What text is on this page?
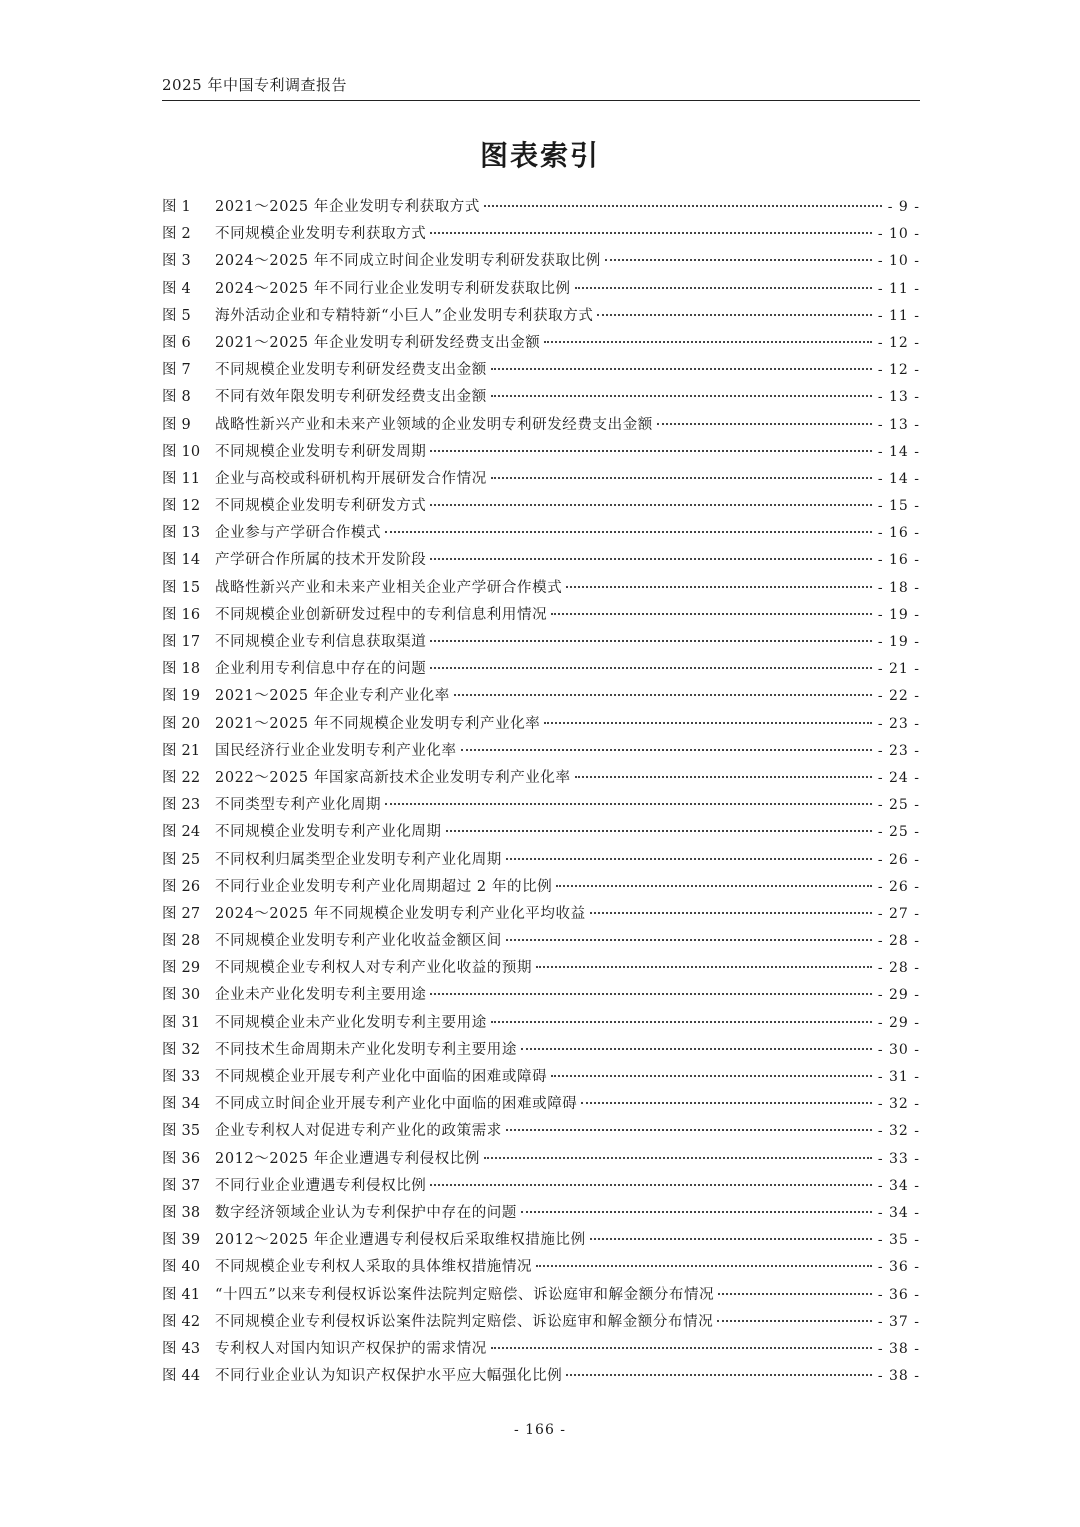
2025 年中国专利调查报告
图表索引
图 1	2021～2025 年企业发明专利获取方式	- 9 -
图 2	不同规模企业发明专利获取方式	- 10 -
图 3	2024～2025 年不同成立时间企业发明专利研发获取比例	- 10 -
图 4	2024～2025 年不同行业企业发明专利研发获取比例	- 11 -
图 5	海外活动企业和专精特新“小巨人”企业发明专利获取方式	- 11 -
图 6	2021～2025 年企业发明专利研发经费支出金额	- 12 -
图 7	不同规模企业发明专利研发经费支出金额	- 12 -
图 8	不同有效年限发明专利研发经费支出金额	- 13 -
图 9	战略性新兴产业和未来产业领域的企业发明专利研发经费支出金额	- 13 -
图 10	不同规模企业发明专利研发周期	- 14 -
图 11	企业与高校或科研机构开展研发合作情况	- 14 -
图 12	不同规模企业发明专利研发方式	- 15 -
图 13	企业参与产学研合作模式	- 16 -
图 14	产学研合作所属的技术开发阶段	- 16 -
图 15	战略性新兴产业和未来产业相关企业产学研合作模式	- 18 -
图 16	不同规模企业创新研发过程中的专利信息利用情况	- 19 -
图 17	不同规模企业专利信息获取渠道	- 19 -
图 18	企业利用专利信息中存在的问题	- 21 -
图 19	2021～2025 年企业专利产业化率	- 22 -
图 20	2021～2025 年不同规模企业发明专利产业化率	- 23 -
图 21	国民经济行业企业发明专利产业化率	- 23 -
图 22	2022～2025 年国家高新技术企业发明专利产业化率	- 24 -
图 23	不同类型专利产业化周期	- 25 -
图 24	不同规模企业发明专利产业化周期	- 25 -
图 25	不同权利归属类型企业发明专利产业化周期	- 26 -
图 26	不同行业企业发明专利产业化周期超过 2 年的比例	- 26 -
图 27	2024～2025 年不同规模企业发明专利产业化平均收益	- 27 -
图 28	不同规模企业发明专利产业化收益金额区间	- 28 -
图 29	不同规模企业专利权人对专利产业化收益的预期	- 28 -
图 30	企业未产业化发明专利主要用途	- 29 -
图 31	不同规模企业未产业化发明专利主要用途	- 29 -
图 32	不同技术生命周期未产业化发明专利主要用途	- 30 -
图 33	不同规模企业开展专利产业化中面临的困难或障碍	- 31 -
图 34	不同成立时间企业开展专利产业化中面临的困难或障碍	- 32 -
图 35	企业专利权人对促进专利产业化的政策需求	- 32 -
图 36	2012～2025 年企业遭遇专利侵权比例	- 33 -
图 37	不同行业企业遭遇专利侵权比例	- 34 -
图 38	数字经济领域企业认为专利保护中存在的问题	- 34 -
图 39	2012～2025 年企业遭遇专利侵权后采取维权措施比例	- 35 -
图 40	不同规模企业专利权人采取的具体维权措施情况	- 36 -
图 41	“十四五”以来专利侵权诉讼案件法院判定赔偿、诉讼庭审和解金额分布情况	- 36 -
图 42	不同规模企业专利侵权诉讼案件法院判定赔偿、诉讼庭审和解金额分布情况	- 37 -
图 43	专利权人对国内知识产权保护的需求情况	- 38 -
图 44	不同行业企业认为知识产权保护水平应大幅强化比例	- 38 -
- 166 -
